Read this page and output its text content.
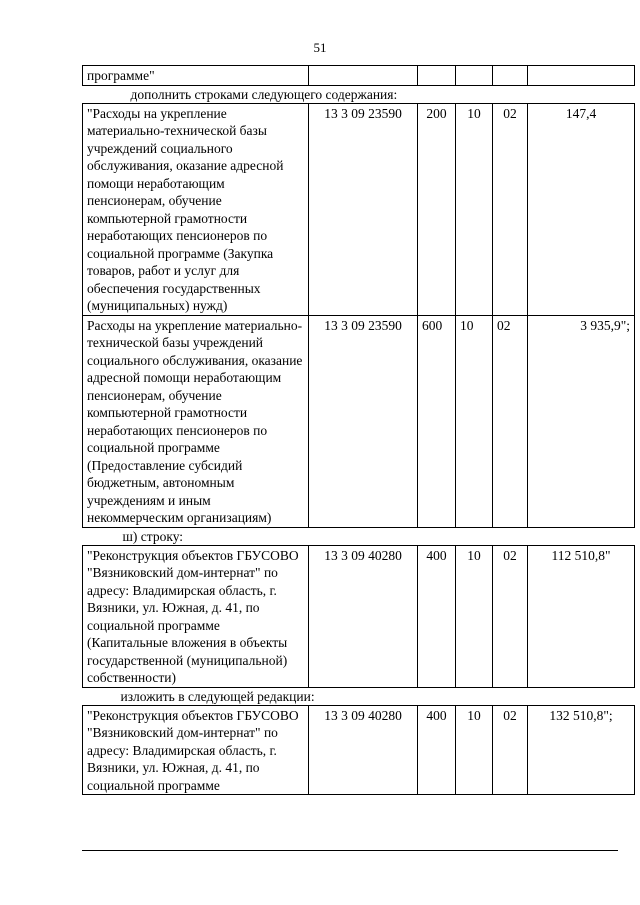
51
программе"					
дополнить строками следующего содержания:					
"Расходы на укрепление материально-технической базы учреждений социального обслуживания, оказание адресной помощи неработающим пенсионерам, обучение компьютерной грамотности неработающих пенсионеров по социальной программе (Закупка товаров, работ и услуг для обеспечения государственных (муниципальных) нужд)	13 3 09 23590	200	10	02	147,4
Расходы на укрепление материально-технической базы учреждений социального обслуживания, оказание адресной помощи неработающим пенсионерам, обучение компьютерной грамотности неработающих пенсионеров по социальной программе (Предоставление субсидий бюджетным, автономным учреждениям и иным некоммерческим организациям)	13 3 09 23590	600	10	02	3 935,9";
ш) строку:					
"Реконструкция объектов ГБУСОВО "Вязниковский дом-интернат" по адресу: Владимирская область, г. Вязники, ул. Южная, д. 41, по социальной программе (Капитальные вложения в объекты государственной (муниципальной) собственности)	13 3 09 40280	400	10	02	112 510,8"
изложить в следующей редакции:					
"Реконструкция объектов ГБУСОВО "Вязниковский дом-интернат" по адресу: Владимирская область, г. Вязники, ул. Южная, д. 41, по социальной программе	13 3 09 40280	400	10	02	132 510,8";
